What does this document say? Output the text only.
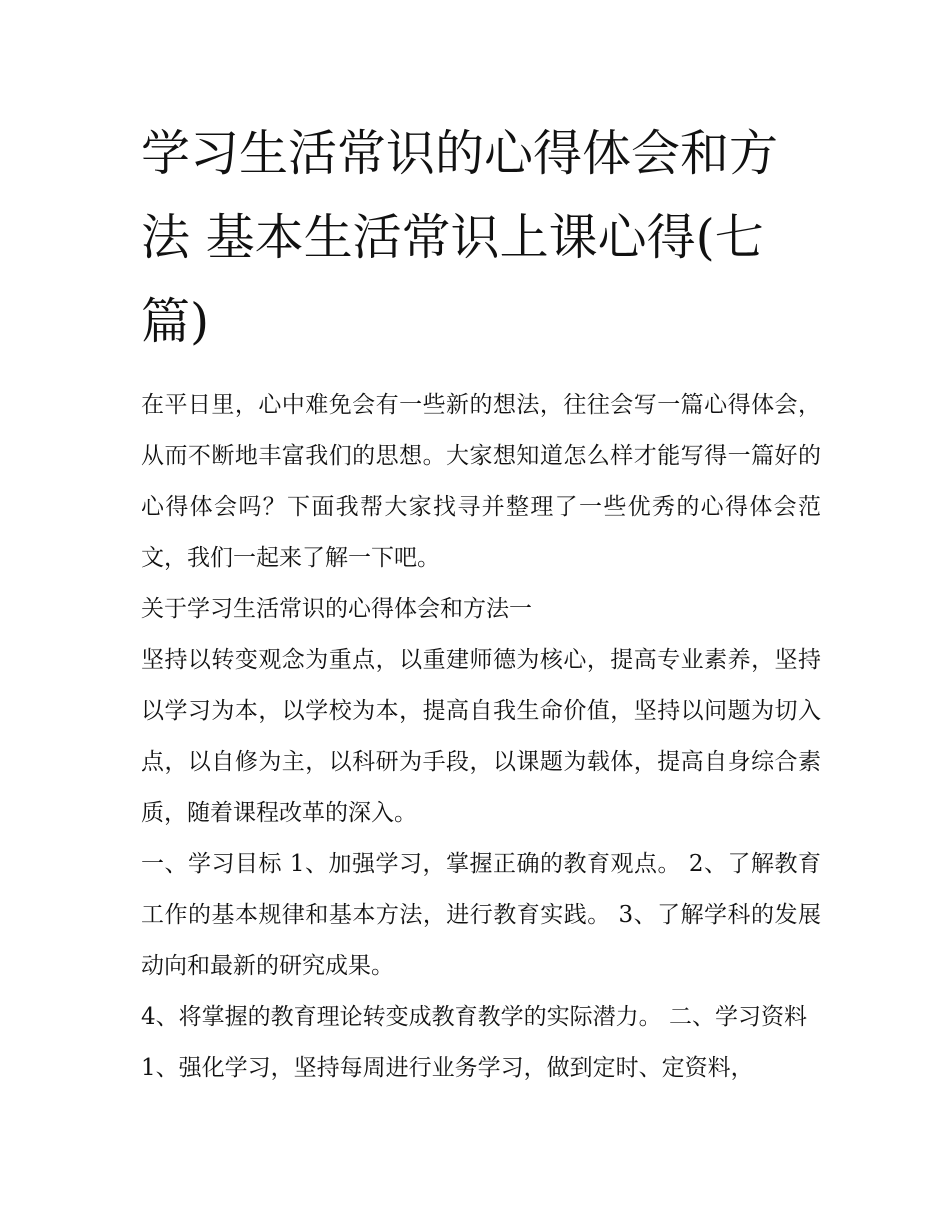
学习生活常识的心得体会和方法 基本生活常识上课心得(七篇)

在平日里，心中难免会有一些新的想法，往往会写一篇心得体会，从而不断地丰富我们的思想。大家想知道怎么样才能写得一篇好的心得体会吗？下面我帮大家找寻并整理了一些优秀的心得体会范文，我们一起来了解一下吧。

关于学习生活常识的心得体会和方法一

坚持以转变观念为重点，以重建师德为核心，提高专业素养，坚持以学习为本，以学校为本，提高自我生命价值，坚持以问题为切入点，以自修为主，以科研为手段，以课题为载体，提高自身综合素质，随着课程改革的深入。

一、学习目标 1、加强学习，掌握正确的教育观点。 2、了解教育工作的基本规律和基本方法，进行教育实践。 3、了解学科的发展动向和最新的研究成果。

4、将掌握的教育理论转变成教育教学的实际潜力。 二、学习资料

1、强化学习，坚持每周进行业务学习，做到定时、定资料，
